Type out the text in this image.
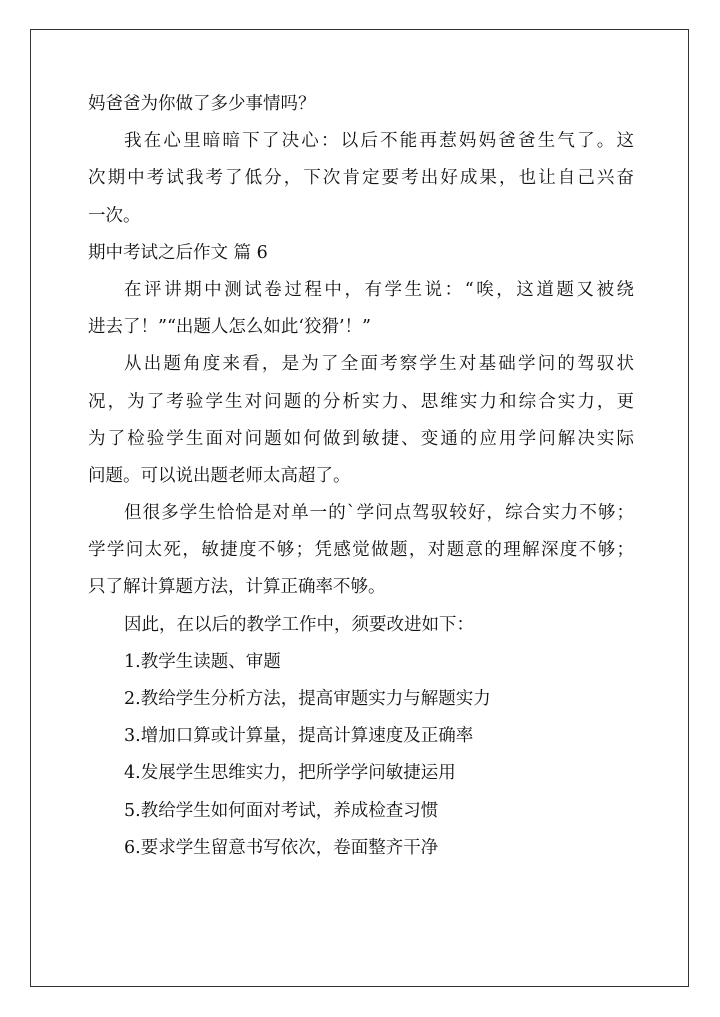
妈爸爸为你做了多少事情吗？
我在心里暗暗下了决心：以后不能再惹妈妈爸爸生气了。这
次期中考试我考了低分，下次肯定要考出好成果，也让自己兴奋
一次。
期中考试之后作文 篇 6
在评讲期中测试卷过程中，有学生说：“唉，这道题又被绕
进去了！”“出题人怎么如此‘狡猾’！”
从出题角度来看，是为了全面考察学生对基础学问的驾驭状
况，为了考验学生对问题的分析实力、思维实力和综合实力，更
为了检验学生面对问题如何做到敏捷、变通的应用学问解决实际
问题。可以说出题老师太高超了。
但很多学生恰恰是对单一的`学问点驾驭较好，综合实力不够；
学学问太死，敏捷度不够；凭感觉做题，对题意的理解深度不够；
只了解计算题方法，计算正确率不够。
因此，在以后的教学工作中，须要改进如下：
1.教学生读题、审题
2.教给学生分析方法，提高审题实力与解题实力
3.增加口算或计算量，提高计算速度及正确率
4.发展学生思维实力，把所学学问敏捷运用
5.教给学生如何面对考试，养成检查习惯
6.要求学生留意书写依次，卷面整齐干净
